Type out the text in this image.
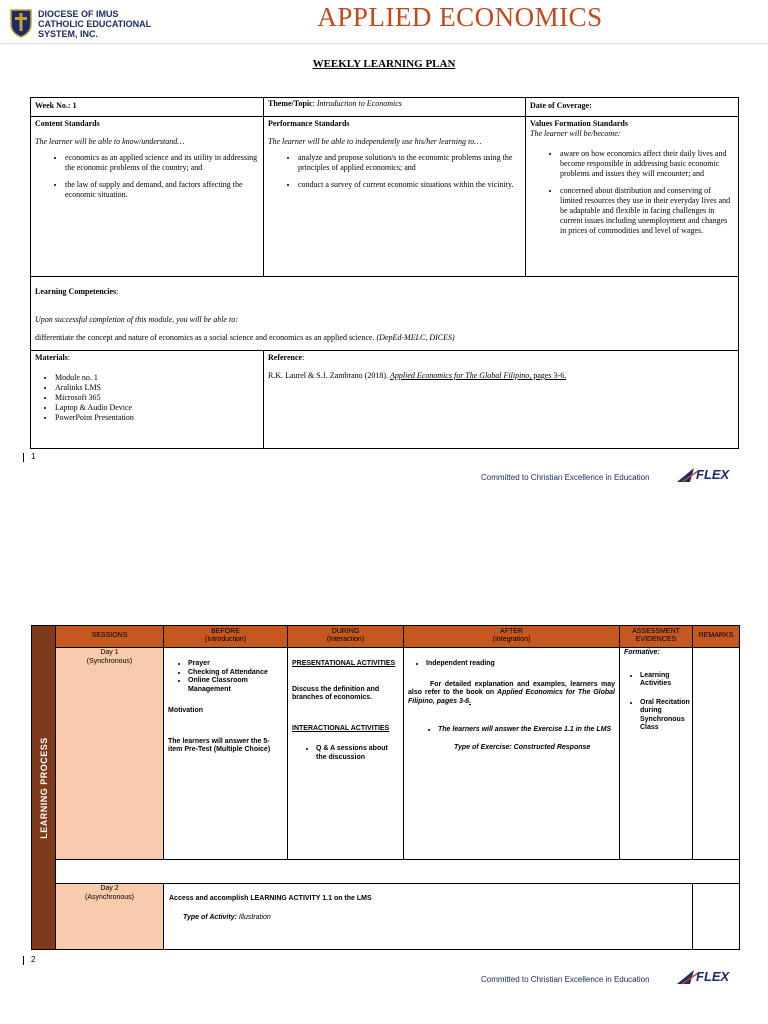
DIOCESE OF IMUS
CATHOLIC EDUCATIONAL
SYSTEM, INC.
APPLIED ECONOMICS
WEEKLY LEARNING PLAN
Week No.: 1	Theme/Topic: Introduction to Economics	Date of Coverage:
Content Standards
The learner will be able to know/understand…
• economics as an applied science and its utility in addressing the economic problems of the country; and
• the law of supply and demand, and factors affecting the economic situation.
Performance Standards
The learner will be able to independently use his/her learning to…
• analyze and propose solution/s to the economic problems using the principles of applied economics; and
• conduct a survey of current economic situations within the vicinity.
Values Formation Standards
The learner will be/become:
• aware on how economics affect their daily lives and become responsible in addressing basic economic problems and issues they will encounter; and
• concerned about distribution and conserving of limited resources they use in their everyday lives and be adaptable and flexible in facing challenges in current issues including unemployment and changes in prices of commodities and level of wages.
Learning Competencies:
Upon successful completion of this module, you will be able to:
differentiate the concept and nature of economics as a social science and economics as an applied science. (DepEd-MELC, DICES)
Materials:
• Module no. 1
• Aralinks LMS
• Microsoft 365
• Laptop & Audio Device
• PowerPoint Presentation
Reference:
R.K. Laurel & S.J. Zambrano (2018). Applied Economics for The Global Filipino, pages 3-6.
1
Committed to Christian Excellence in Education	FLEX
LEARNING PROCESS
SESSIONS
BEFORE
(Introduction)
DURING
(Interaction)
AFTER
(Integration)
ASSESSMENT
EVIDENCES
REMARKS
Day 1
(Synchronous)
•	Prayer
• Checking of Attendance
• Online Classroom Management
Motivation
The learners will answer the 5-item Pre-Test (Multiple Choice)
PRESENTATIONAL ACTIVITIES
Discuss the definition and branches of economics.
INTERACTIONAL ACTIVITIES
• Q & A sessions about the discussion
• Independent reading
For detailed explanation and examples, learners may also refer to the book on Applied Economics for The Global Filipino, pages 3-6.
• The learners will answer the Exercise 1.1 in the LMS
Type of Exercise: Constructed Response
Formative:
• Learning Activities
• Oral Recitation during Synchronous Class
Day 2
(Asynchronous)	Access and accomplish LEARNING ACTIVITY 1.1 on the LMS
Type of Activity: Illustration
2
Committed to Christian Excellence in Education	FLEX
